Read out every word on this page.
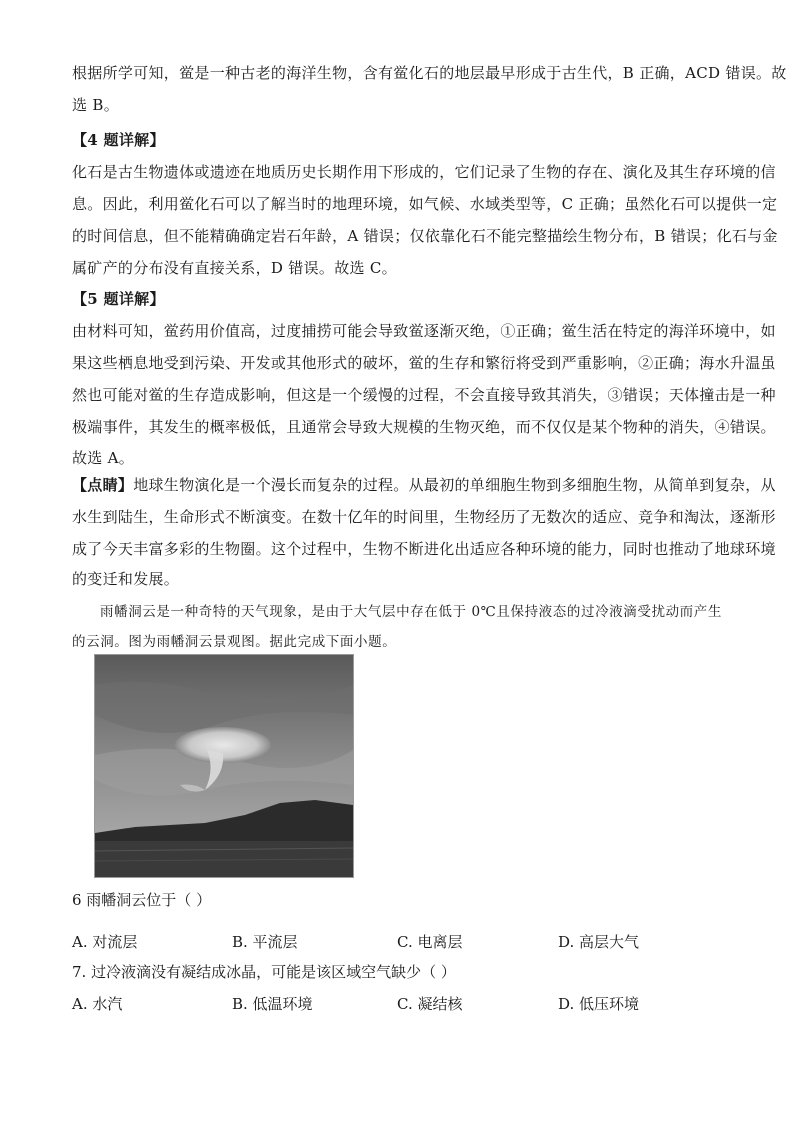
根据所学可知，鲎是一种古老的海洋生物，含有鲎化石的地层最早形成于古生代，B 正确，ACD 错误。故
选 B。
【4 题详解】
化石是古生物遗体或遗迹在地质历史长期作用下形成的，它们记录了生物的存在、演化及其生存环境的信
息。因此，利用鲎化石可以了解当时的地理环境，如气候、水域类型等，C 正确；虽然化石可以提供一定
的时间信息，但不能精确确定岩石年龄，A 错误；仅依靠化石不能完整描绘生物分布，B 错误；化石与金
属矿产的分布没有直接关系，D 错误。故选 C。
【5 题详解】
由材料可知，鲎药用价值高，过度捕捞可能会导致鲎逐渐灭绝，①正确；鲎生活在特定的海洋环境中，如
果这些栖息地受到污染、开发或其他形式的破坏，鲎的生存和繁衍将受到严重影响，②正确；海水升温虽
然也可能对鲎的生存造成影响，但这是一个缓慢的过程，不会直接导致其消失，③错误；天体撞击是一种
极端事件，其发生的概率极低，且通常会导致大规模的生物灭绝，而不仅仅是某个物种的消失，④错误。
故选 A。
【点睛】地球生物演化是一个漫长而复杂的过程。从最初的单细胞生物到多细胞生物，从简单到复杂，从
水生到陆生，生命形式不断演变。在数十亿年的时间里，生物经历了无数次的适应、竞争和淘汰，逐渐形
成了今天丰富多彩的生物圈。这个过程中，生物不断进化出适应各种环境的能力，同时也推动了地球环境
的变迁和发展。
雨幡洞云是一种奇特的天气现象，是由于大气层中存在低于 0℃且保持液态的过冷液滴受扰动而产生
的云洞。图为雨幡洞云景观图。据此完成下面小题。
6 雨幡洞云位于（ ）
A. 对流层	B. 平流层	C. 电离层	D. 高层大气
7. 过冷液滴没有凝结成冰晶，可能是该区域空气缺少（ ）
A. 水汽	B. 低温环境	C. 凝结核	D. 低压环境
